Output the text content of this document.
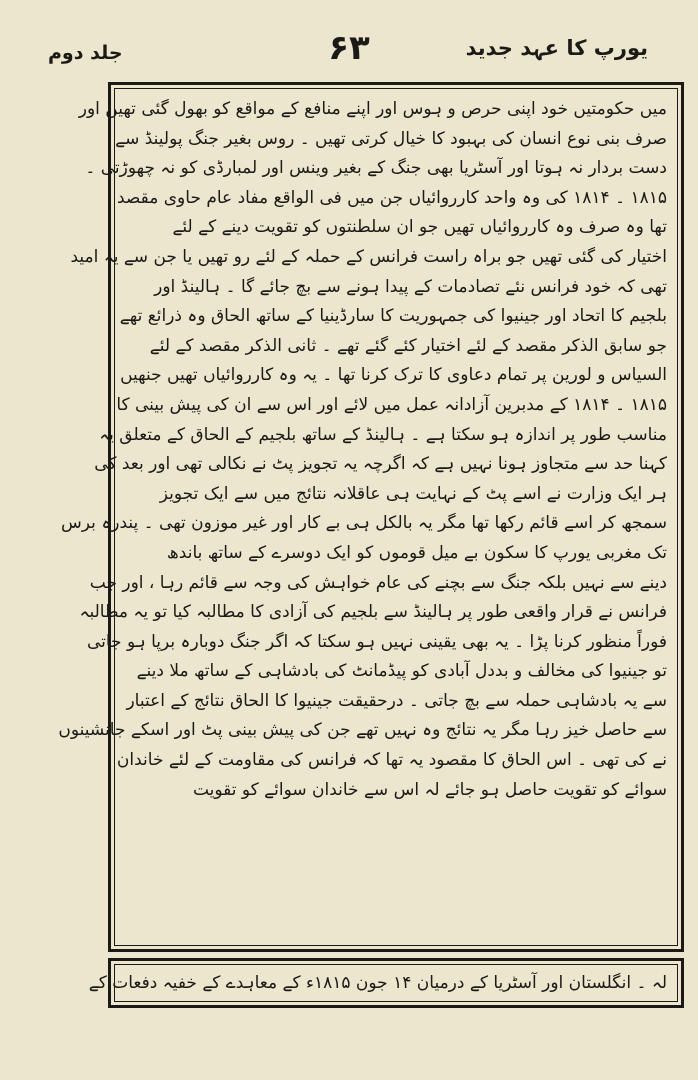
یورپ کا عہد جدید
۶۳
جلد دوم
میں حکومتیں خود اپنی حرص و ہوس اور اپنے منافع کے مواقع کو بھول گئی تھیں اور
صرف بنی نوع انسان کی بہبود کا خیال کرتی تھیں ۔ روس بغیر جنگ پولینڈ سے
دست بردار نہ ہوتا اور آسٹریا بھی جنگ کے بغیر وینس اور لمبارڈی کو نہ چھوڑتی ۔
۱۸۱۵ ۔ ۱۸۱۴ کی وہ واحد کارروائیاں جن میں فی الواقع مفاد عام حاوی مقصد
تھا وہ صرف وہ کارروائیاں تھیں جو ان سلطنتوں کو تقویت دینے کے لئے
اختیار کی گئی تھیں جو براہ راست فرانس کے حملہ کے لئے رو تھیں یا جن سے یہ امید
تھی کہ خود فرانس نئے تصادمات کے پیدا ہونے سے بچ جائے گا ۔ ہالینڈ اور
بلجیم کا اتحاد اور جینیوا کی جمہوریت کا سارڈینیا کے ساتھ الحاق وہ ذرائع تھے
جو سابق الذکر مقصد کے لئے اختیار کئے گئے تھے ۔ ثانی الذکر مقصد کے لئے
السیاس و لورین پر تمام دعاوی کا ترک کرنا تھا ۔ یہ وہ کارروائیاں تھیں جنھیں
۱۸۱۵ ۔ ۱۸۱۴ کے مدبرین آزادانہ عمل میں لائے اور اس سے ان کی پیش بینی کا
مناسب طور پر اندازہ ہو سکتا ہے ۔ ہالینڈ کے ساتھ بلجیم کے الحاق کے متعلق یہ
کہنا حد سے متجاوز ہونا نہیں ہے کہ اگرچہ یہ تجویز پٹ نے نکالی تھی اور بعد کی
ہر ایک وزارت نے اسے پٹ کے نہایت ہی عاقلانہ نتائج میں سے ایک تجویز
سمجھ کر اسے قائم رکھا تھا مگر یہ بالکل ہی بے کار اور غیر موزون تھی ۔ پندرہ برس
تک مغربی یورپ کا سکون بے میل قوموں کو ایک دوسرے کے ساتھ باندھ
دینے سے نہیں بلکہ جنگ سے بچنے کی عام خواہش کی وجہ سے قائم رہا ، اور جب
فرانس نے قرار واقعی طور پر ہالینڈ سے بلجیم کی آزادی کا مطالبہ کیا تو یہ مطالبہ
فوراً منظور کرنا پڑا ۔ یہ بھی یقینی نہیں ہو سکتا کہ اگر جنگ دوبارہ برپا ہو جاتی
تو جینیوا کی مخالف و بددل آبادی کو پیڈمانٹ کی بادشاہی کے ساتھ ملا دینے
سے یہ بادشاہی حملہ سے بچ جاتی ۔ درحقیقت جینیوا کا الحاق نتائج کے اعتبار
سے حاصل خیز رہا مگر یہ نتائج وہ نہیں تھے جن کی پیش بینی پٹ اور اسکے جانشینوں
نے کی تھی ۔ اس الحاق کا مقصود یہ تھا کہ فرانس کی مقاومت کے لئے خاندان
سوائے کو تقویت حاصل ہو جائے لہ اس سے خاندان سوائے کو تقویت
لہ ۔ انگلستان اور آسٹریا کے درمیان ۱۴ جون ۱۸۱۵ء کے معاہدے کے خفیہ دفعات کے
